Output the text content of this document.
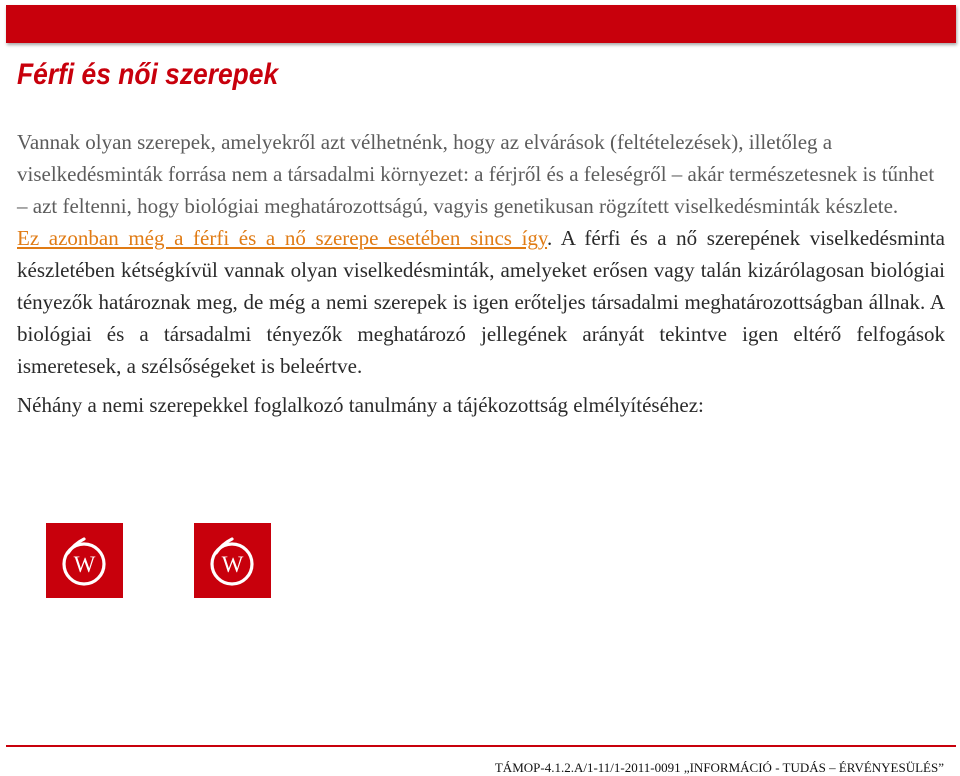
Férfi és női szerepek

Vannak olyan szerepek, amelyekről azt vélhetnénk, hogy az elvárások (feltételezések), illetőleg a viselkedésminták forrása nem a társadalmi környezet: a férjről és a feleségről – akár természetesnek is tűnhet – azt feltenni, hogy biológiai meghatározottságú, vagyis genetikusan rögzített viselkedésminták készlete.

Ez azonban még a férfi és a nő szerepe esetében sincs így. A férfi és a nő szerepének viselkedésminta készletében kétségkívül vannak olyan viselkedésminták, amelyeket erősen vagy talán kizárólagosan biológiai tényezők határoznak meg, de még a nemi szerepek is igen erőteljes társadalmi meghatározottságban állnak. A biológiai és a társadalmi tényezők meghatározó jellegének arányát tekintve igen eltérő felfogások ismeretesek, a szélsőségeket is beleértve.

Néhány a nemi szerepekkel foglalkozó tanulmány a tájékozottság elmélyítéséhez:

W	W
TÁMOP-4.1.2.A/1-11/1-2011-0091 „INFORMÁCIÓ - TUDÁS – ÉRVÉNYESÜLÉS”
